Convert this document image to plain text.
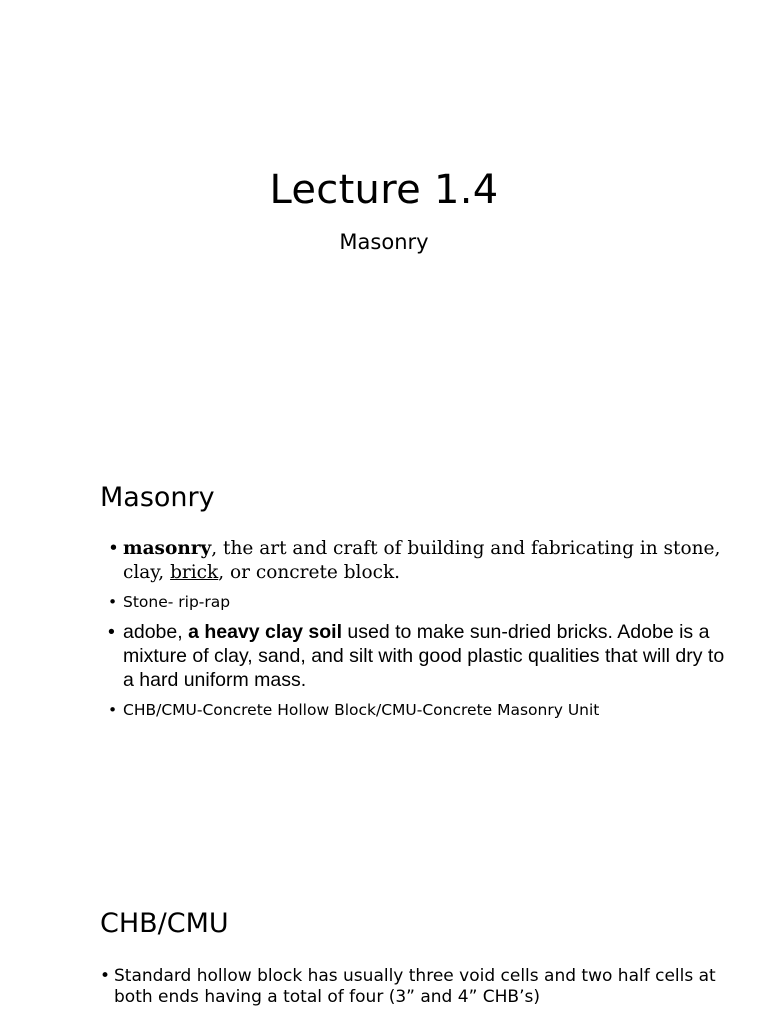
Lecture 1.4
Masonry
Masonry
• masonry, the art and craft of building and fabricating in stone, clay, brick, or concrete block.
• Stone- rip-rap
• adobe, a heavy clay soil used to make sun-dried bricks. Adobe is a mixture of clay, sand, and silt with good plastic qualities that will dry to a hard uniform mass.
• CHB/CMU-Concrete Hollow Block/CMU-Concrete Masonry Unit
CHB/CMU
• Standard hollow block has usually three void cells and two half cells at both ends having a total of four (3” and 4” CHB’s)
